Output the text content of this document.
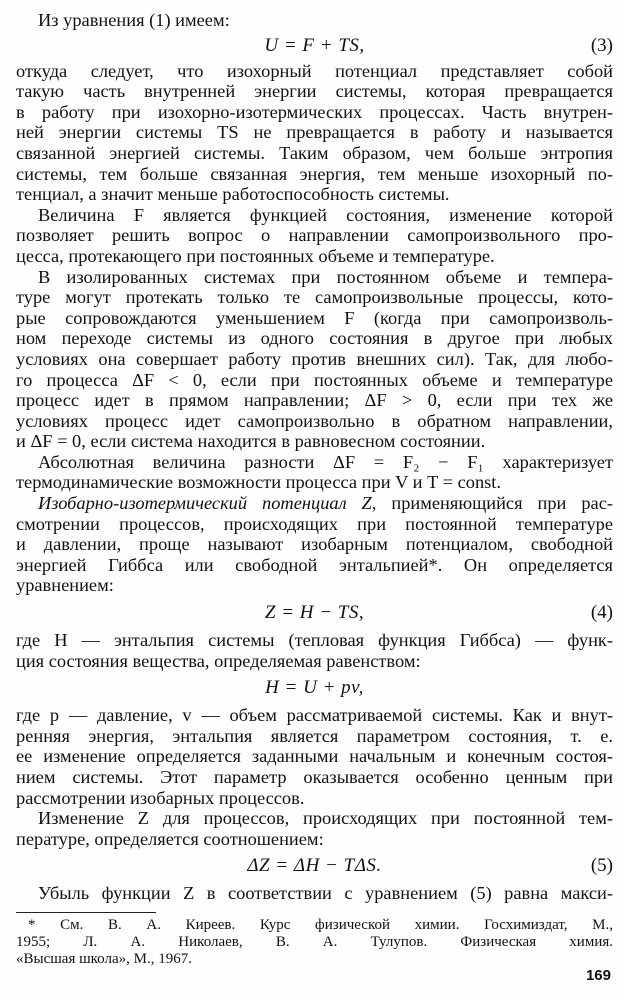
Из уравнения (1) имеем:
U = F + TS,	(3)
откуда следует, что изохорный потенциал представляет собой
такую часть внутренней энергии системы, которая превращается
в работу при изохорно-изотермических процессах. Часть внутрен-
ней энергии системы TS не превращается в работу и называется
связанной энергией системы. Таким образом, чем больше энтропия
системы, тем больше связанная энергия, тем меньше изохорный по-
тенциал, а значит меньше работоспособность системы.
Величина F является функцией состояния, изменение которой
позволяет решить вопрос о направлении самопроизвольного про-
цесса, протекающего при постоянных объеме и температуре.
В изолированных системах при постоянном объеме и темпера-
туре могут протекать только те самопроизвольные процессы, кото-
рые сопровождаются уменьшением F (когда при самопроизволь-
ном переходе системы из одного состояния в другое при любых
условиях она совершает работу против внешних сил). Так, для любо-
го процесса ΔF < 0, если при постоянных объеме и температуре
процесс идет в прямом направлении; ΔF > 0, если при тех же
условиях процесс идет самопроизвольно в обратном направлении,
и ΔF = 0, если система находится в равновесном состоянии.
Абсолютная величина разности ΔF = F₂ − F₁ характеризует
термодинамические возможности процесса при V и T = const.
Изобарно-изотермический потенциал Z, применяющийся при рас-
смотрении процессов, происходящих при постоянной температуре
и давлении, проще называют изобарным потенциалом, свободной
энергией Гиббса или свободной энтальпией*. Он определяется
уравнением:
Z = H − TS,	(4)
где H — энтальпия системы (тепловая функция Гиббса) — функ-
ция состояния вещества, определяемая равенством:
H = U + pv,
где p — давление, v — объем рассматриваемой системы. Как и внут-
ренняя энергия, энтальпия является параметром состояния, т. е.
ее изменение определяется заданными начальным и конечным состоя-
нием системы. Этот параметр оказывается особенно ценным при
рассмотрении изобарных процессов.
Изменение Z для процессов, происходящих при постоянной тем-
пературе, определяется соотношением:
ΔZ = ΔH − TΔS.	(5)
Убыль функции Z в соответствии с уравнением (5) равна макси-
* См. В. А. Киреев. Курс физической химии. Госхимиздат, М.,
1955; Л. А. Николаев, В. А. Тулупов. Физическая химия.
«Высшая школа», М., 1967.
169
